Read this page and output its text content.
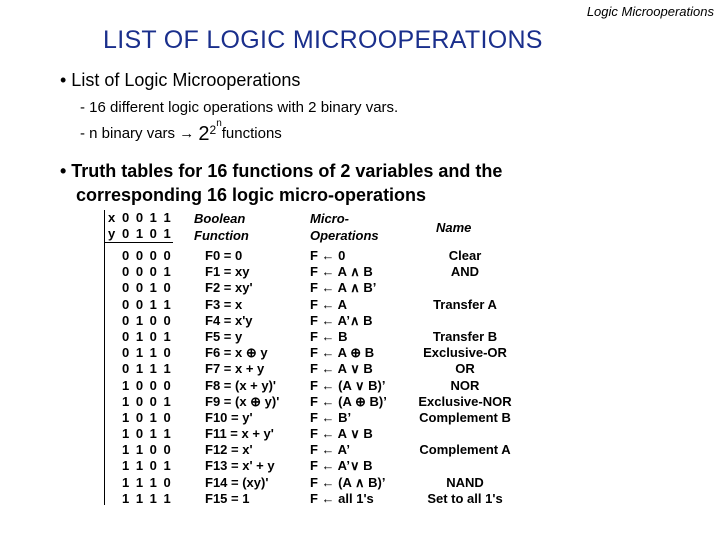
Logic Microoperations
LIST OF LOGIC MICROOPERATIONS
• List of Logic Microoperations
- 16 different logic operations with 2 binary vars.
- n binary vars → $2^{2n}functions$
• Truth tables for 16 functions of 2 variables and the
corresponding 16 logic micro-operations
x 0 0 1 1
y 0 1 0 1
0 0 0 0
0 0 0 1
0 0 1 0
0 0 1 1
0 1 0 0
0 1 0 1
0 1 1 0
0 1 1 1
1 0 0 0
1 0 0 1
1 0 1 0
1 0 1 1
1 1 0 0
1 1 0 1
1 1 1 0
1 1 1 1
Boolean
Function
Micro-
Operations
Name
F0 = 0
F1 = xy
F2 = xy'
F3 = x
F4 = x'y
F5 = y
F6 = x ⊕ y
F7 = x + y
F8 = (x + y)'
F9 = (x ⊕ y)'
F10 = y'
F11 = x + y'
F12 = x'
F13 = x' + y
F14 = (xy)'
F15 = 1
F ← 0
F ← A ∧ B
F ← A ∧ B’
F ← A
F ← A’∧ B
F ← B
F ← A ⊕ B
F ← A ∨ B
F ← (A ∨ B)’
F ← (A ⊕ B)’
F ← B’
F ← A ∨ B
F ← A’
F ← A’∨ B
F ← (A ∧ B)’
F ← all 1's
Clear
AND
Transfer A
Transfer B
Exclusive-OR
OR
NOR
Exclusive-NOR
Complement B
Complement A
NAND
Set to all 1's
